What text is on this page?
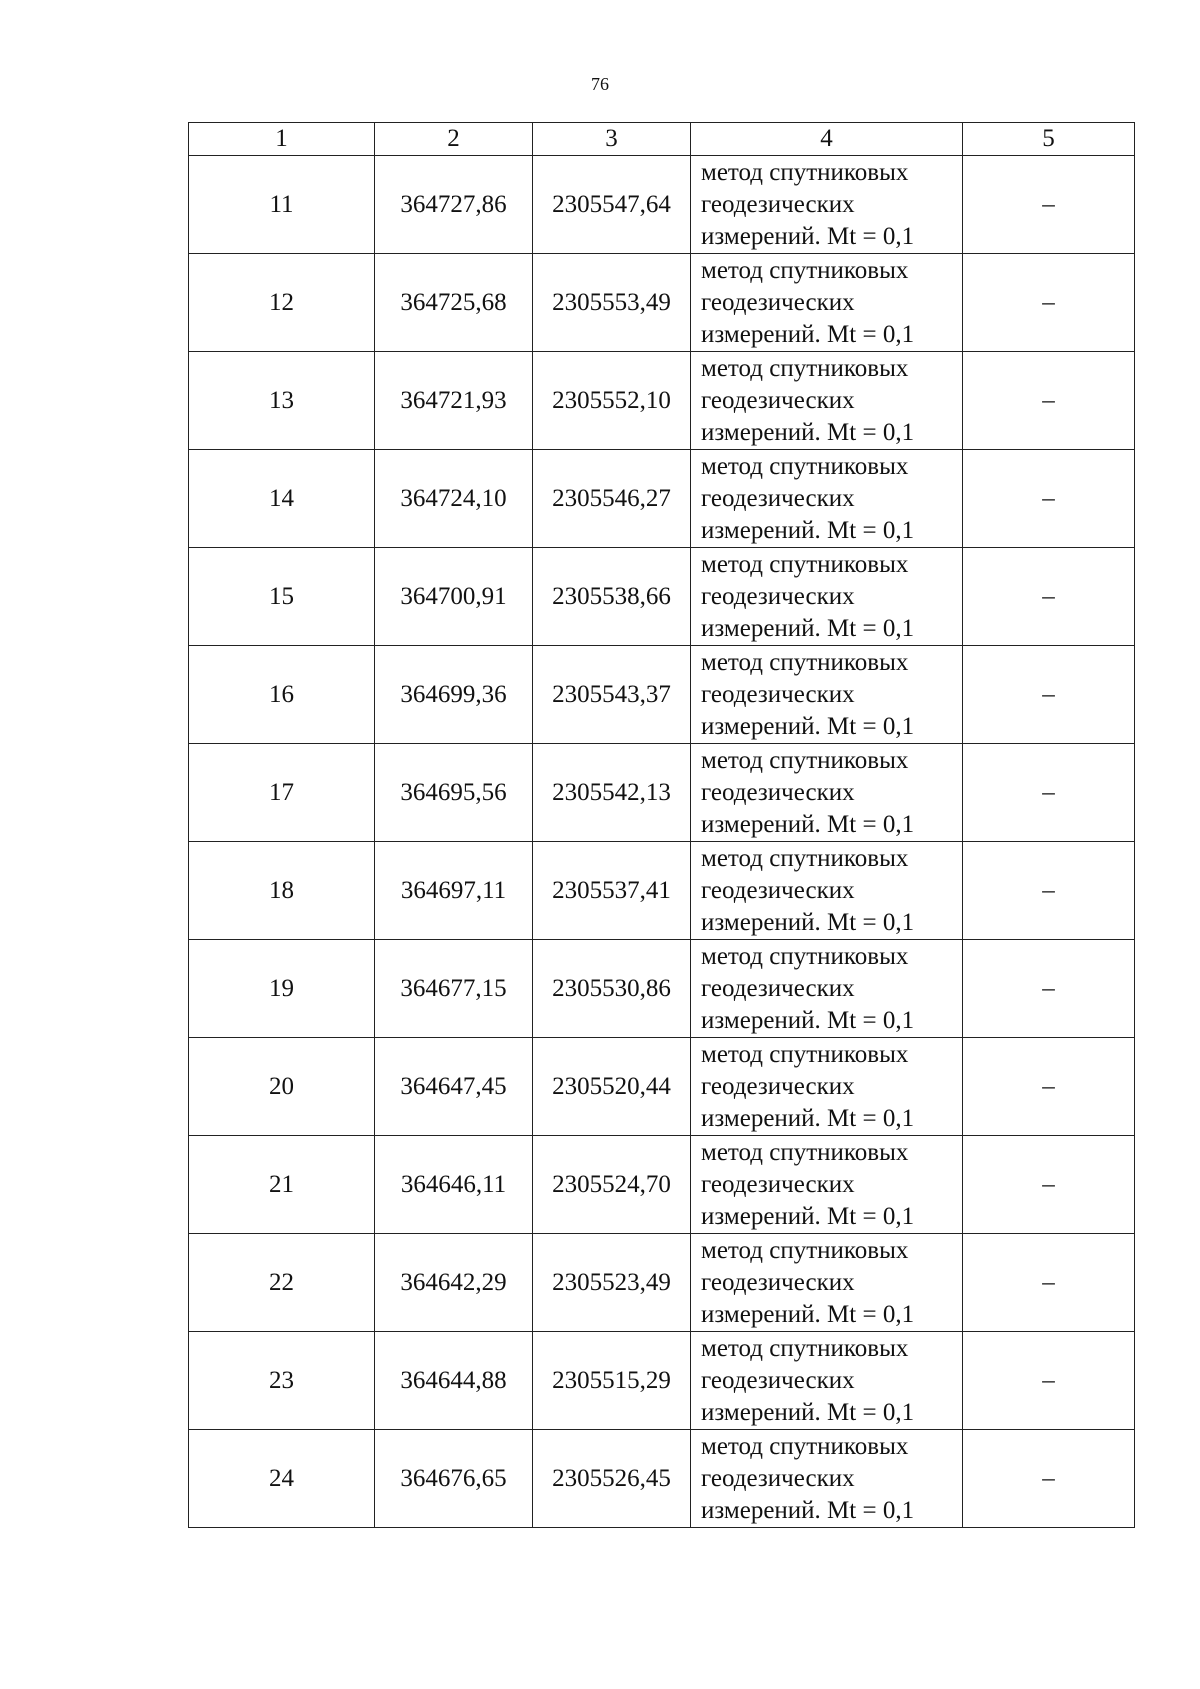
76
1	2	3	4	5
11	364727,86	2305547,64	метод спутниковых
геодезических
измерений. Mt = 0,1	–
12	364725,68	2305553,49	метод спутниковых
геодезических
измерений. Mt = 0,1	–
13	364721,93	2305552,10	метод спутниковых
геодезических
измерений. Mt = 0,1	–
14	364724,10	2305546,27	метод спутниковых
геодезических
измерений. Mt = 0,1	–
15	364700,91	2305538,66	метод спутниковых
геодезических
измерений. Mt = 0,1	–
16	364699,36	2305543,37	метод спутниковых
геодезических
измерений. Mt = 0,1	–
17	364695,56	2305542,13	метод спутниковых
геодезических
измерений. Mt = 0,1	–
18	364697,11	2305537,41	метод спутниковых
геодезических
измерений. Mt = 0,1	–
19	364677,15	2305530,86	метод спутниковых
геодезических
измерений. Mt = 0,1	–
20	364647,45	2305520,44	метод спутниковых
геодезических
измерений. Mt = 0,1	–
21	364646,11	2305524,70	метод спутниковых
геодезических
измерений. Mt = 0,1	–
22	364642,29	2305523,49	метод спутниковых
геодезических
измерений. Mt = 0,1	–
23	364644,88	2305515,29	метод спутниковых
геодезических
измерений. Mt = 0,1	–
24	364676,65	2305526,45	метод спутниковых
геодезических
измерений. Mt = 0,1	–
